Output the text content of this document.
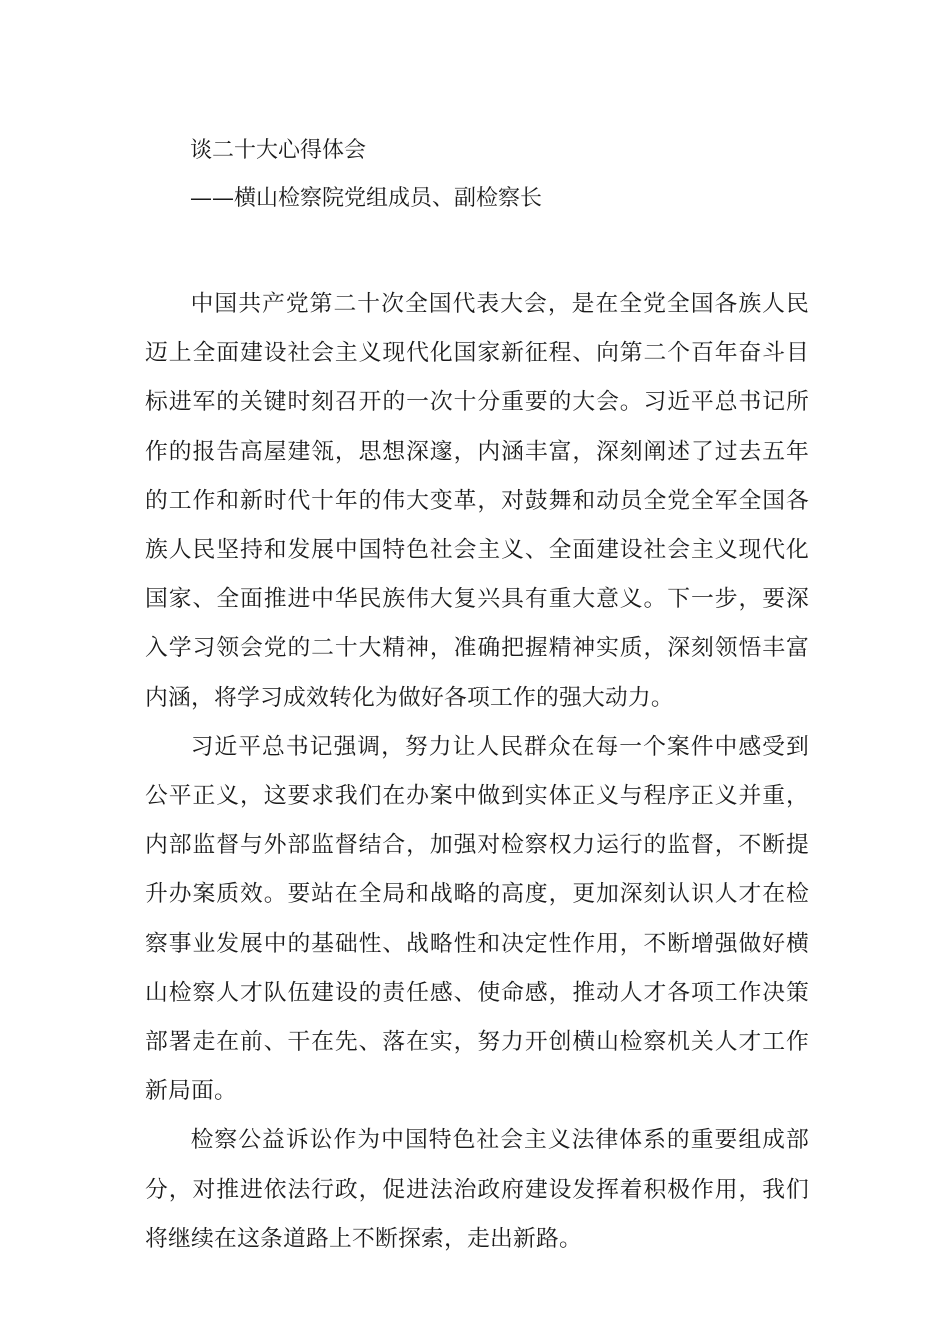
谈二十大心得体会
——横山检察院党组成员、副检察长

中国共产党第二十次全国代表大会，是在全党全国各族人民迈上全面建设社会主义现代化国家新征程、向第二个百年奋斗目标进军的关键时刻召开的一次十分重要的大会。习近平总书记所作的报告高屋建瓴，思想深邃，内涵丰富，深刻阐述了过去五年的工作和新时代十年的伟大变革，对鼓舞和动员全党全军全国各族人民坚持和发展中国特色社会主义、全面建设社会主义现代化国家、全面推进中华民族伟大复兴具有重大意义。下一步，要深入学习领会党的二十大精神，准确把握精神实质，深刻领悟丰富内涵，将学习成效转化为做好各项工作的强大动力。

习近平总书记强调，努力让人民群众在每一个案件中感受到公平正义，这要求我们在办案中做到实体正义与程序正义并重，内部监督与外部监督结合，加强对检察权力运行的监督，不断提升办案质效。要站在全局和战略的高度，更加深刻认识人才在检察事业发展中的基础性、战略性和决定性作用，不断增强做好横山检察人才队伍建设的责任感、使命感，推动人才各项工作决策部署走在前、干在先、落在实，努力开创横山检察机关人才工作新局面。

检察公益诉讼作为中国特色社会主义法律体系的重要组成部分，对推进依法行政，促进法治政府建设发挥着积极作用，我们将继续在这条道路上不断探索，走出新路。
